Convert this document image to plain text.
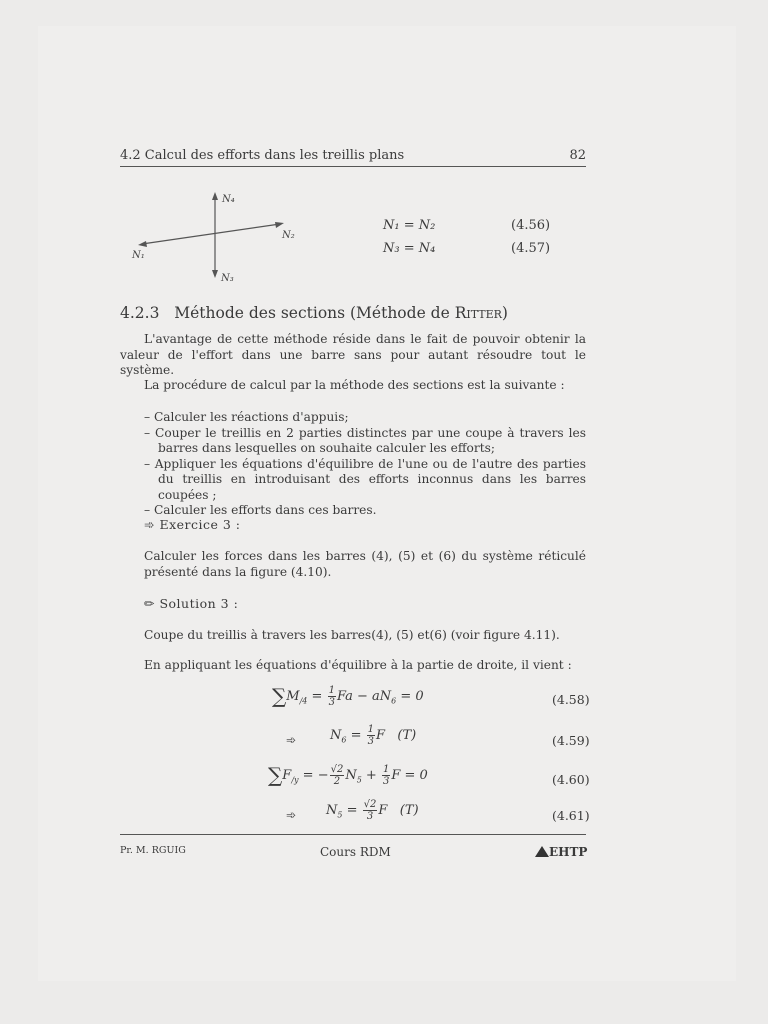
4.2 Calcul des efforts dans les treillis plans	82
N₄
N₂
N₁
N₃
N₁ = N₂	(4.56)
N₃ = N₄	(4.57)
4.2.3 Méthode des sections (Méthode de Ritter)
L'avantage de cette méthode réside dans le fait de pouvoir obtenir la valeur de l'effort dans une barre sans pour autant résoudre tout le système.
La procédure de calcul par la méthode des sections est la suivante :
– Calculer les réactions d'appuis;
– Couper le treillis en 2 parties distinctes par une coupe à travers les barres dans lesquelles on souhaite calculer les efforts;
– Appliquer les équations d'équilibre de l'une ou de l'autre des parties du treillis en introduisant des efforts inconnus dans les barres coupées ;
– Calculer les efforts dans ces barres.
➾ Exercice 3 :
Calculer les forces dans les barres (4), (5) et (6) du système réticulé présenté dans la figure (4.10).
✏ Solution 3 :
Coupe du treillis à travers les barres(4), (5) et(6) (voir figure 4.11).
En appliquant les équations d'équilibre à la partie de droite, il vient :
$\sum M_{/4} = \frac{1}{3}$ $Fa - aN_6 = 0$	(4.58)
➾	$N_6 = \frac{1}{3}$ F   (T)	(4.59)
$\sum F_{/y}$ = − $\frac{√2}{2} N_5 + \frac{1}{3}$ F = 0	(4.60)
➾ $N_5 = \frac{√2}{3}$ F   (T)	(4.61)
Pr. M. RGUIG	Cours RDM	EHTP
